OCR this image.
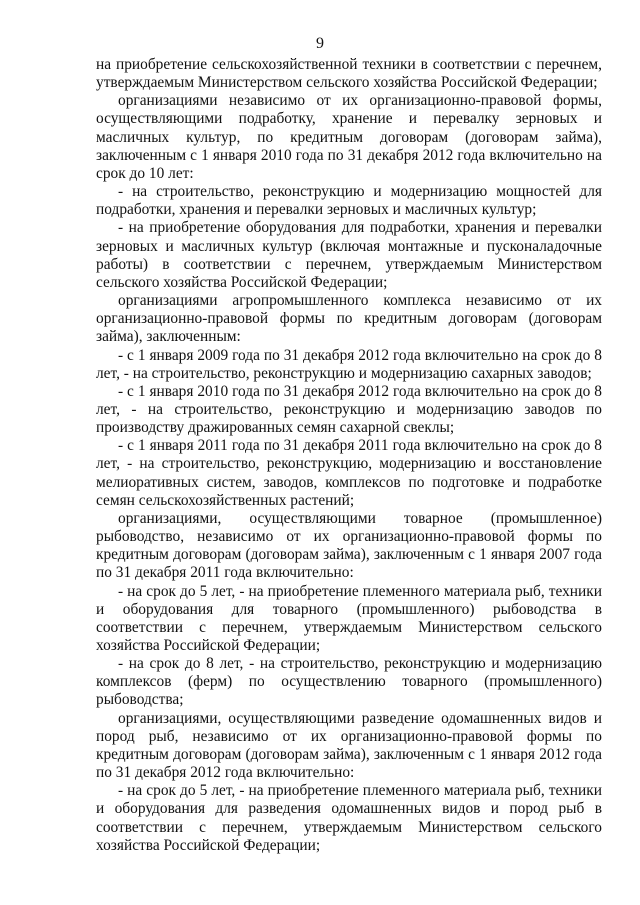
9

на приобретение сельскохозяйственной техники в соответствии с перечнем, утверждаемым Министерством сельского хозяйства Российской Федерации;

организациями независимо от их организационно-правовой формы, осуществляющими подработку, хранение и перевалку зерновых и масличных культур, по кредитным договорам (договорам займа), заключенным с 1 января 2010 года по 31 декабря 2012 года включительно на срок до 10 лет:

- на строительство, реконструкцию и модернизацию мощностей для подработки, хранения и перевалки зерновых и масличных культур;

- на приобретение оборудования для подработки, хранения и перевалки зерновых и масличных культур (включая монтажные и пусконаладочные работы) в соответствии с перечнем, утверждаемым Министерством сельского хозяйства Российской Федерации;

организациями агропромышленного комплекса независимо от их организационно-правовой формы по кредитным договорам (договорам займа), заключенным:

- с 1 января 2009 года по 31 декабря 2012 года включительно на срок до 8 лет, - на строительство, реконструкцию и модернизацию сахарных заводов;

- с 1 января 2010 года по 31 декабря 2012 года включительно на срок до 8 лет, - на строительство, реконструкцию и модернизацию заводов по производству дражированных семян сахарной свеклы;

- с 1 января 2011 года по 31 декабря 2011 года включительно на срок до 8 лет, - на строительство, реконструкцию, модернизацию и восстановление мелиоративных систем, заводов, комплексов по подготовке и подработке семян сельскохозяйственных растений;

организациями, осуществляющими товарное (промышленное) рыбоводство, независимо от их организационно-правовой формы по кредитным договорам (договорам займа), заключенным с 1 января 2007 года по 31 декабря 2011 года включительно:

- на срок до 5 лет, - на приобретение племенного материала рыб, техники и оборудования для товарного (промышленного) рыбоводства в соответствии с перечнем, утверждаемым Министерством сельского хозяйства Российской Федерации;

- на срок до 8 лет, - на строительство, реконструкцию и модернизацию комплексов (ферм) по осуществлению товарного (промышленного) рыбоводства;

организациями, осуществляющими разведение одомашненных видов и пород рыб, независимо от их организационно-правовой формы по кредитным договорам (договорам займа), заключенным с 1 января 2012 года по 31 декабря 2012 года включительно:

- на срок до 5 лет, - на приобретение племенного материала рыб, техники и оборудования для разведения одомашненных видов и пород рыб в соответствии с перечнем, утверждаемым Министерством сельского хозяйства Российской Федерации;
